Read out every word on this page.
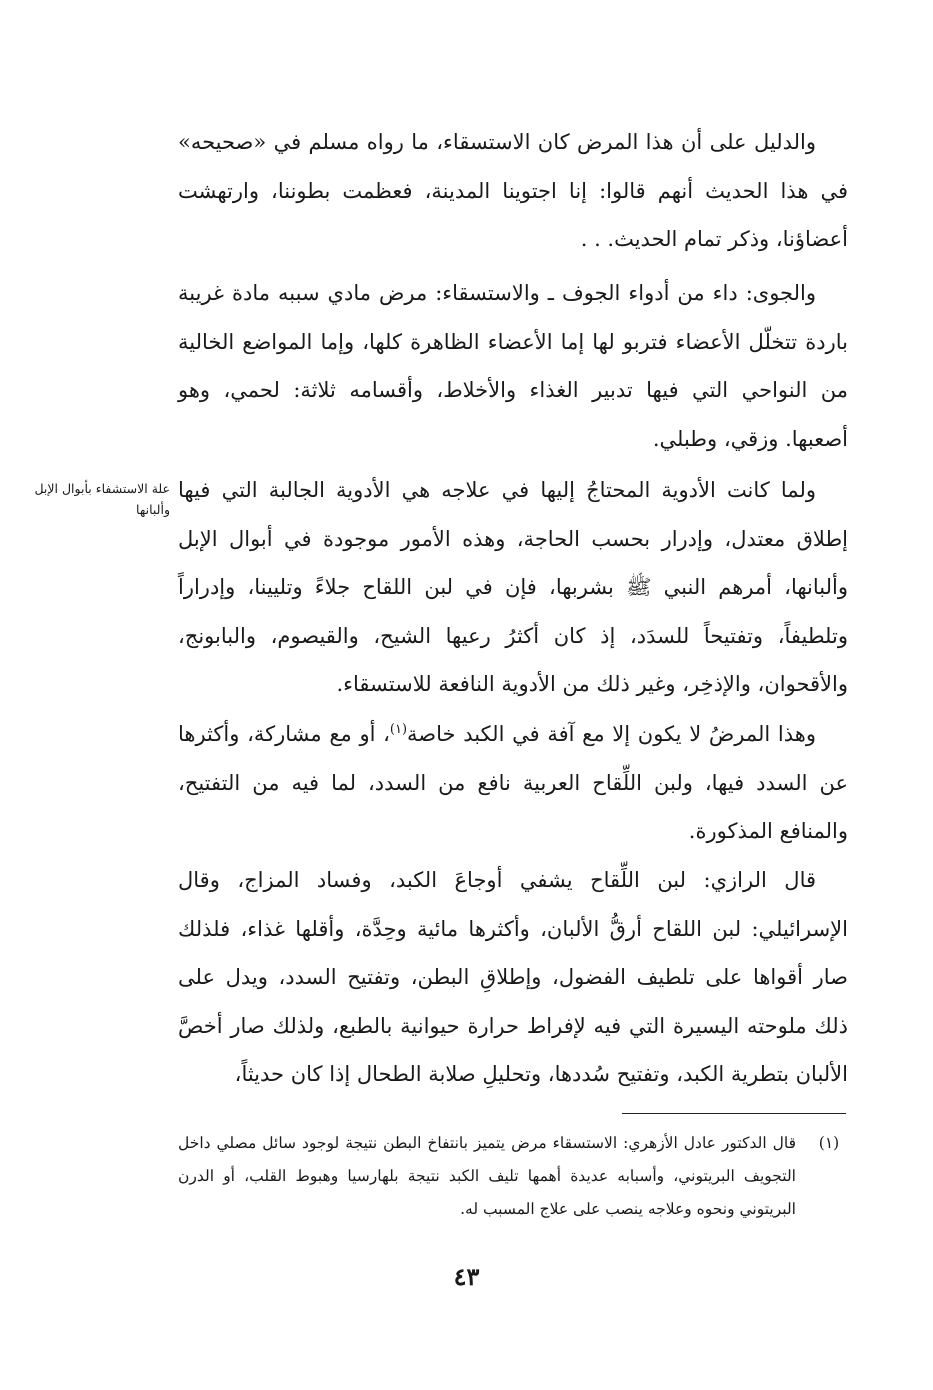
والدليل على أن هذا المرض كان الاستسقاء، ما رواه مسلم في «صحيحه» في هذا الحديث أنهم قالوا: إنا اجتوينا المدينة، فعظمت بطوننا، وارتهشت أعضاؤنا، وذكر تمام الحديث. . .

والجوى: داء من أدواء الجوف ـ والاستسقاء: مرض مادي سببه مادة غريبة باردة تتخلّل الأعضاء فتربو لها إما الأعضاء الظاهرة كلها، وإما المواضع الخالية من النواحي التي فيها تدبير الغذاء والأخلاط، وأقسامه ثلاثة: لحمي، وهو أصعبها. وزقي، وطبلي.

علة الاستشفاء بأبوال الإبل وألبانها

ولما كانت الأدوية المحتاجُ إليها في علاجه هي الأدوية الجالبة التي فيها إطلاق معتدل، وإدرار بحسب الحاجة، وهذه الأمور موجودة في أبوال الإبل وألبانها، أمرهم النبي ﷺ بشربها، فإن في لبن اللقاح جلاءً وتليينا، وإدراراً وتلطيفاً، وتفتيحاً للسدَد، إذ كان أكثرُ رعيها الشيح، والقيصوم، والبابونج، والأقحوان، والإذخِر، وغير ذلك من الأدوية النافعة للاستسقاء.

وهذا المرضُ لا يكون إلا مع آفة في الكبد خاصة$^{(١)}$، أو مع مشاركة، وأكثرها عن السدد فيها، ولبن اللِّقاح العربية نافع من السدد، لما فيه من التفتيح، والمنافع المذكورة.

قال الرازي: لبن اللِّقاح يشفي أوجاعَ الكبد، وفساد المزاج، وقال الإسرائيلي: لبن اللقاح أرقُّ الألبان، وأكثرها مائية وحِدَّة، وأقلها غذاء، فلذلك صار أقواها على تلطيف الفضول، وإطلاقِ البطن، وتفتيح السدد، ويدل على ذلك ملوحته اليسيرة التي فيه لإفراط حرارة حيوانية بالطبع، ولذلك صار أخصَّ الألبان بتطرية الكبد، وتفتيح سُددها، وتحليلِ صلابة الطحال إذا كان حديثاً،

(١)

قال الدكتور عادل الأزهري: الاستسقاء مرض يتميز بانتفاخ البطن نتيجة لوجود سائل مصلي داخل التجويف البريتوني، وأسبابه عديدة أهمها تليف الكبد نتيجة بلهارسيا وهبوط القلب، أو الدرن البريتوني ونحوه وعلاجه ينصب على علاج المسبب له.

٤٣
